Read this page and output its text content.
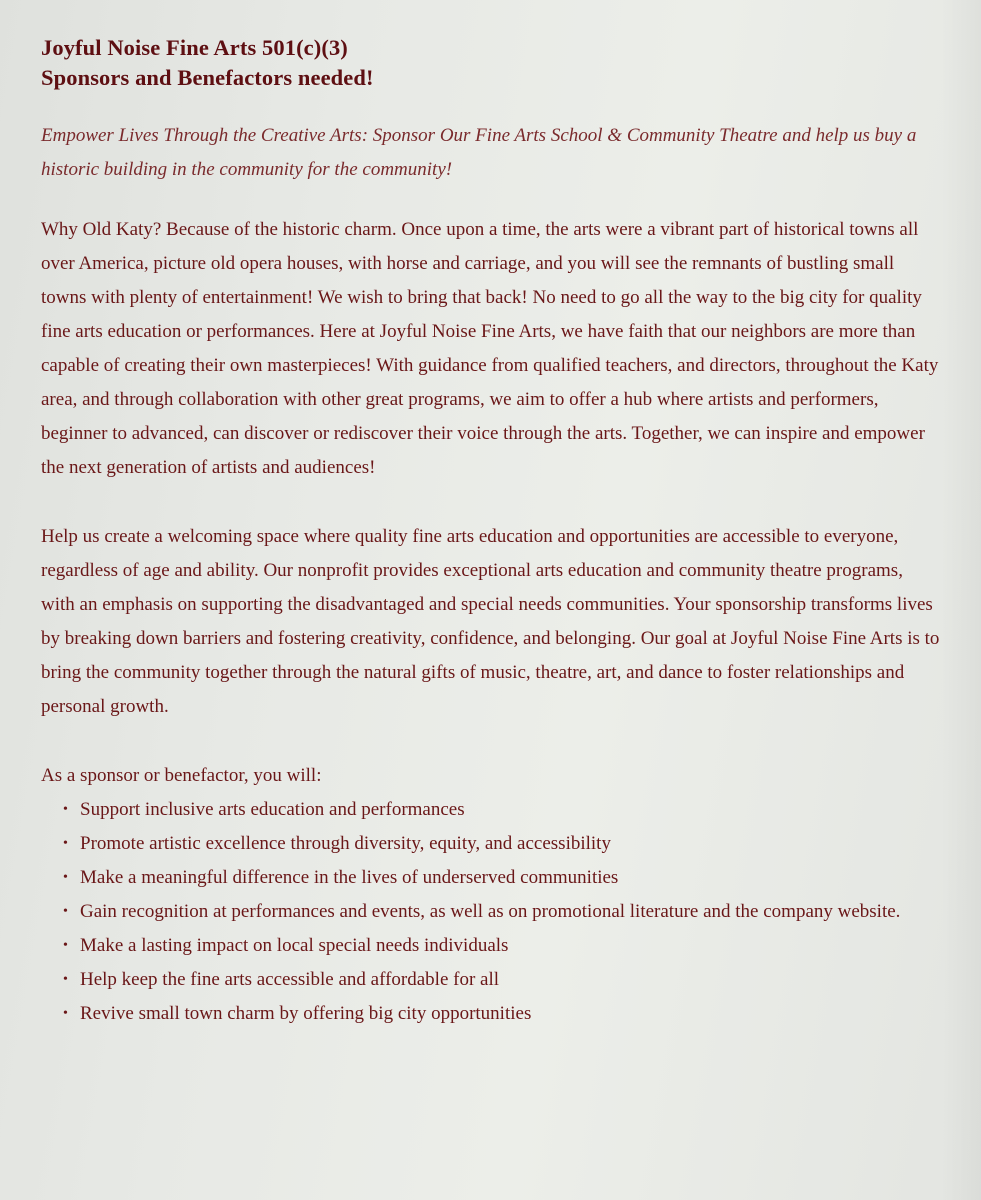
Joyful Noise Fine Arts 501(c)(3)
Sponsors and Benefactors needed!

Empower Lives Through the Creative Arts: Sponsor Our Fine Arts School & Community Theatre and help us buy a historic building in the community for the community!

Why Old Katy? Because of the historic charm. Once upon a time, the arts were a vibrant part of historical towns all over America, picture old opera houses, with horse and carriage, and you will see the remnants of bustling small towns with plenty of entertainment! We wish to bring that back! No need to go all the way to the big city for quality fine arts education or performances. Here at Joyful Noise Fine Arts, we have faith that our neighbors are more than capable of creating their own masterpieces! With guidance from qualified teachers, and directors, throughout the Katy area, and through collaboration with other great programs, we aim to offer a hub where artists and performers, beginner to advanced, can discover or rediscover their voice through the arts. Together, we can inspire and empower the next generation of artists and audiences!

Help us create a welcoming space where quality fine arts education and opportunities are accessible to everyone, regardless of age and ability. Our nonprofit provides exceptional arts education and community theatre programs, with an emphasis on supporting the disadvantaged and special needs communities. Your sponsorship transforms lives by breaking down barriers and fostering creativity, confidence, and belonging. Our goal at Joyful Noise Fine Arts is to bring the community together through the natural gifts of music, theatre, art, and dance to foster relationships and personal growth.

As a sponsor or benefactor, you will:

• Support inclusive arts education and performances
• Promote artistic excellence through diversity, equity, and accessibility
• Make a meaningful difference in the lives of underserved communities
• Gain recognition at performances and events, as well as on promotional literature and the company website.
• Make a lasting impact on local special needs individuals
• Help keep the fine arts accessible and affordable for all
• Revive small town charm by offering big city opportunities
